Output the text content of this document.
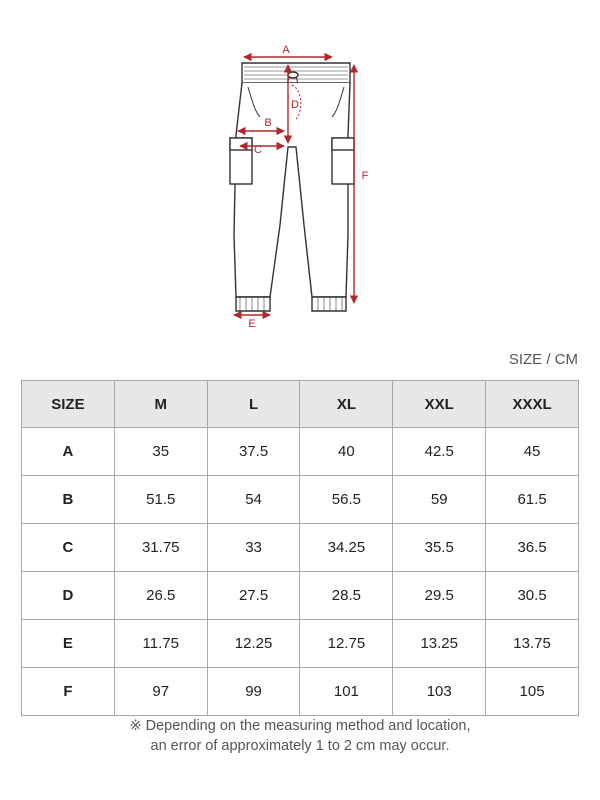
A
B
C
D
E
F
SIZE / CM
SIZE	M	L	XL	XXL	XXXL
A	35	37.5	40	42.5	45
B	51.5	54	56.5	59	61.5
C	31.75	33	34.25	35.5	36.5
D	26.5	27.5	28.5	29.5	30.5
E	11.75	12.25	12.75	13.25	13.75
F	97	99	101	103	105
※ Depending on the measuring method and location,
an error of approximately 1 to 2 cm may occur.
